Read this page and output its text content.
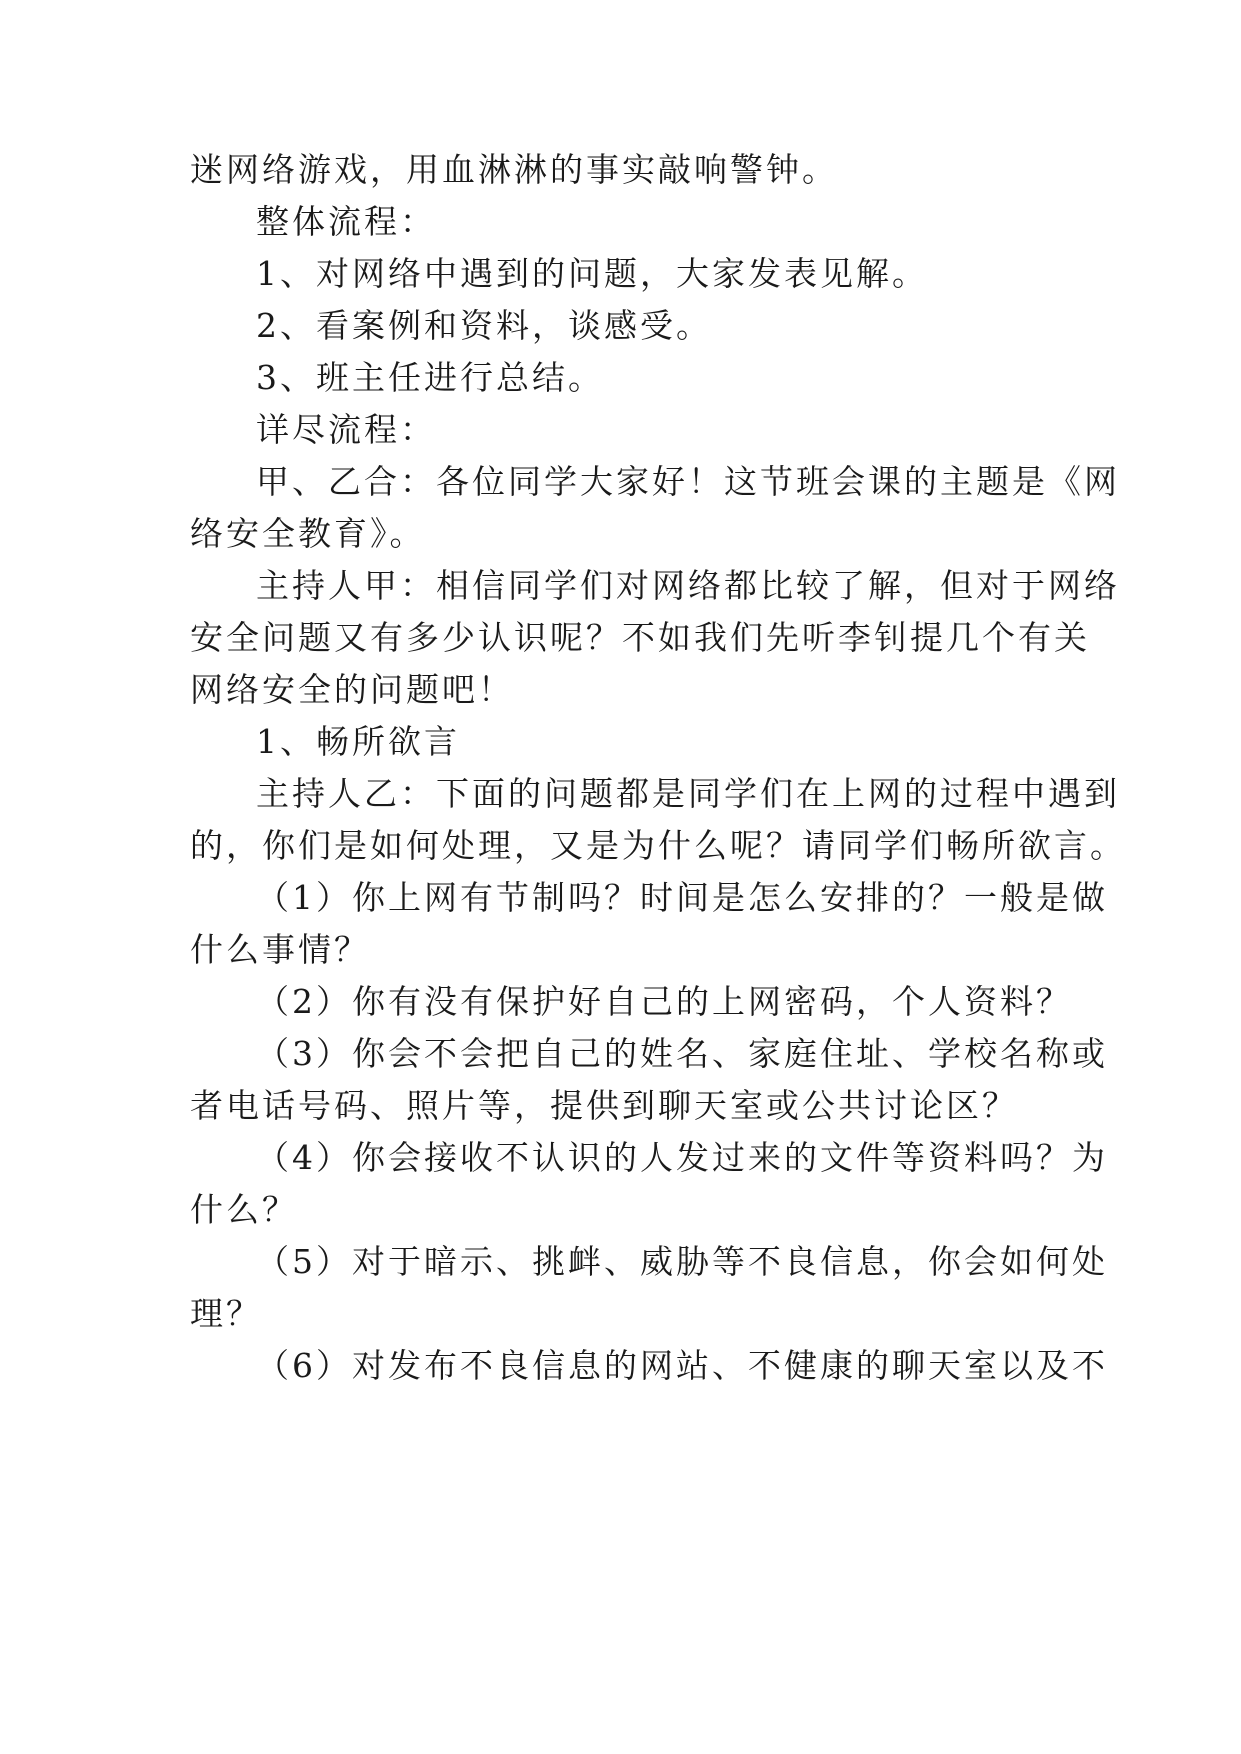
迷网络游戏，用血淋淋的事实敲响警钟。
整体流程：
1、对网络中遇到的问题，大家发表见解。
2、看案例和资料，谈感受。
3、班主任进行总结。
详尽流程：
甲、乙合：各位同学大家好！这节班会课的主题是《网
络安全教育》。
主持人甲：相信同学们对网络都比较了解，但对于网络
安全问题又有多少认识呢？不如我们先听李钊提几个有关
网络安全的问题吧！
1、畅所欲言
主持人乙：下面的问题都是同学们在上网的过程中遇到
的，你们是如何处理，又是为什么呢？请同学们畅所欲言。
（1）你上网有节制吗？时间是怎么安排的？一般是做
什么事情？
（2）你有没有保护好自己的上网密码，个人资料？
（3）你会不会把自己的姓名、家庭住址、学校名称或
者电话号码、照片等，提供到聊天室或公共讨论区？
（4）你会接收不认识的人发过来的文件等资料吗？为
什么？
（5）对于暗示、挑衅、威胁等不良信息，你会如何处
理？
（6）对发布不良信息的网站、不健康的聊天室以及不
